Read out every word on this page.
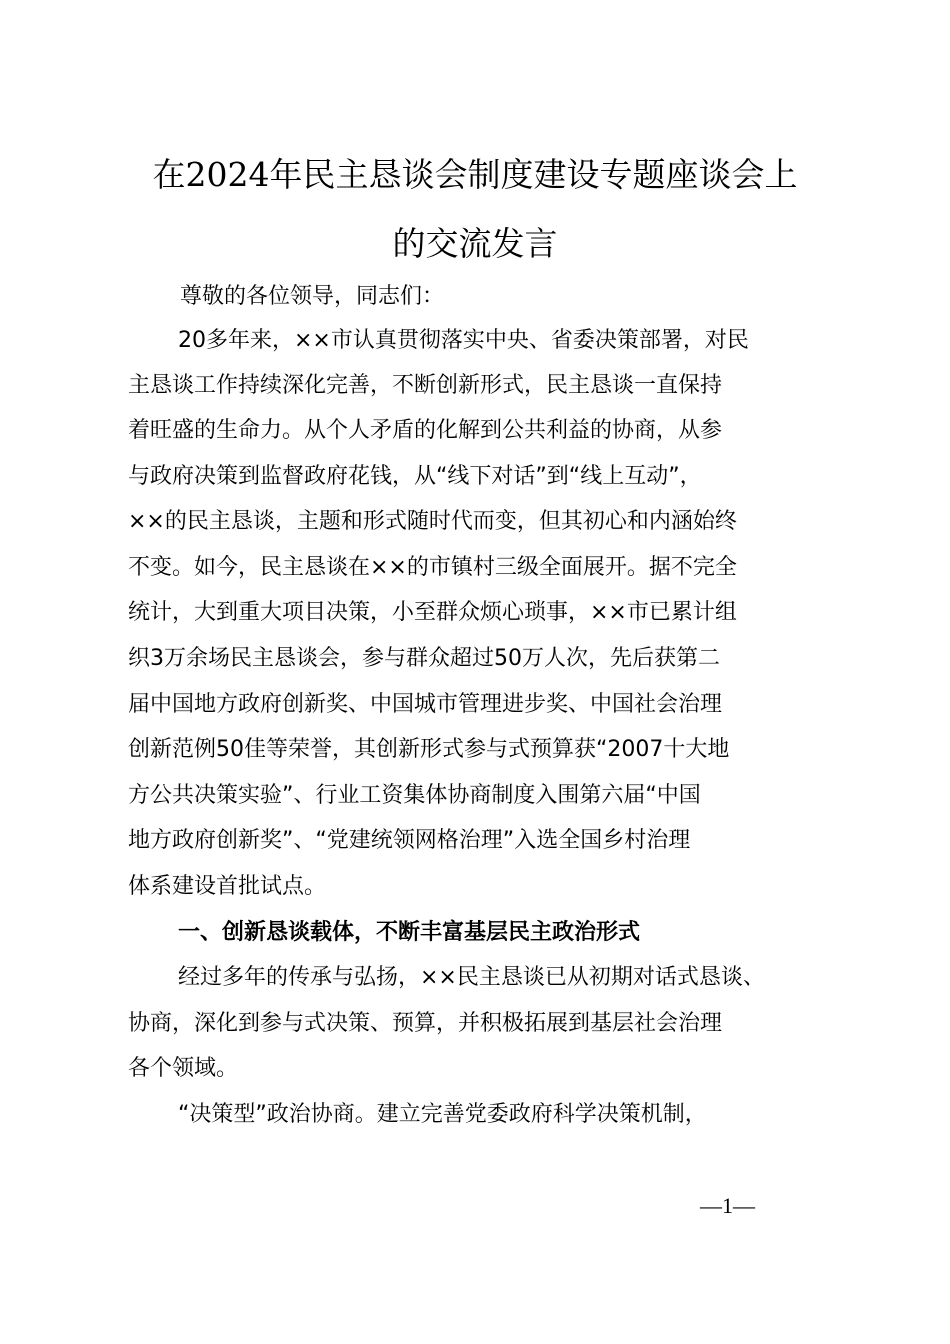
在2024年民主恳谈会制度建设专题座谈会上
的交流发言
尊敬的各位领导，同志们：
20多年来，××市认真贯彻落实中央、省委决策部署，对民
主恳谈工作持续深化完善，不断创新形式，民主恳谈一直保持
着旺盛的生命力。从个人矛盾的化解到公共利益的协商，从参
与政府决策到监督政府花钱，从“线下对话”到“线上互动”，
××的民主恳谈，主题和形式随时代而变，但其初心和内涵始终
不变。如今，民主恳谈在××的市镇村三级全面展开。据不完全
统计，大到重大项目决策，小至群众烦心琐事，××市已累计组
织3万余场民主恳谈会，参与群众超过50万人次，先后获第二
届中国地方政府创新奖、中国城市管理进步奖、中国社会治理
创新范例50佳等荣誉，其创新形式参与式预算获“2007十大地
方公共决策实验”、行业工资集体协商制度入围第六届“中国
地方政府创新奖”、“党建统领网格治理”入选全国乡村治理
体系建设首批试点。
一、创新恳谈载体，不断丰富基层民主政治形式
经过多年的传承与弘扬，××民主恳谈已从初期对话式恳谈、
协商，深化到参与式决策、预算，并积极拓展到基层社会治理
各个领域。
“决策型”政治协商。建立完善党委政府科学决策机制，
—1—
